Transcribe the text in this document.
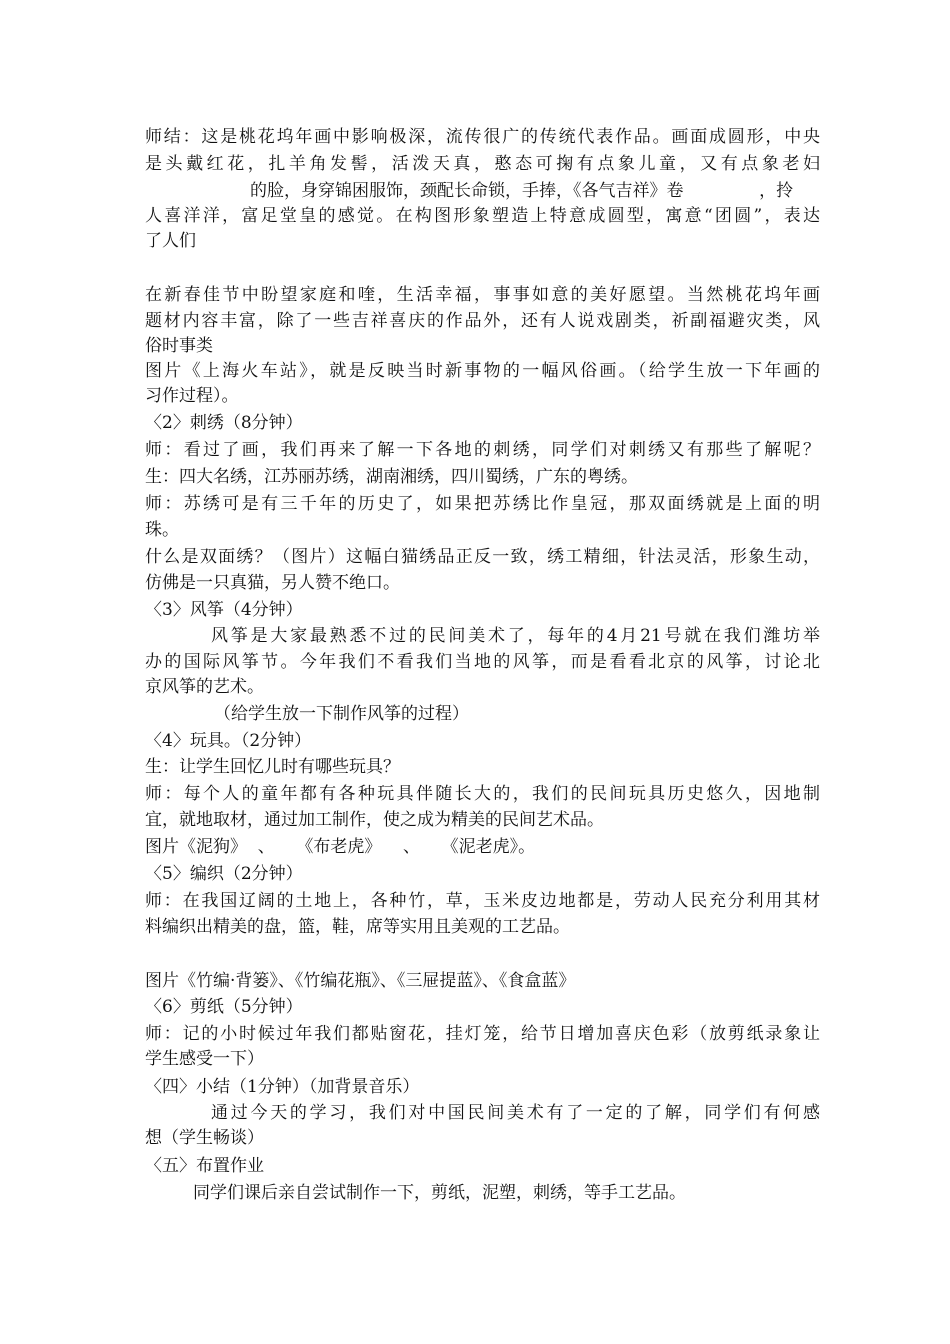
师结：这是桃花坞年画中影响极深，流传很广的传统代表作品。画面成圆形，中央
是头戴红花，扎羊角发髻，活泼天真，憨态可掬有点象儿童，又有点象老妇
的脸，身穿锦困服饰，颈配长命锁，手捧，《各气吉祥》卷              ，拎
人喜洋洋，富足堂皇的感觉。在构图形象塑造上特意成圆型，寓意“团圆”，表达
了人们
在新春佳节中盼望家庭和喹，生活幸福，事事如意的美好愿望。当然桃花坞年画
题材内容丰富，除了一些吉祥喜庆的作品外，还有人说戏剧类，祈副福避灾类，风
俗时事类
图片《上海火车站》，就是反映当时新事物的一幅风俗画。（给学生放一下年画的
习作过程）。
〈2〉刺绣（8分钟）
师：看过了画，我们再来了解一下各地的刺绣，同学们对刺绣又有那些了解呢？
生：四大名绣，江苏丽苏绣，湖南湘绣，四川蜀绣，广东的粤绣。
师：苏绣可是有三千年的历史了，如果把苏绣比作皇冠，那双面绣就是上面的明
珠。
什么是双面绣？（图片）这幅白猫绣品正反一致，绣工精细，针法灵活，形象生动，
仿佛是一只真猫，另人赞不绝口。
〈3〉风筝（4分钟）
风筝是大家最熟悉不过的民间美术了，每年的4月21号就在我们潍坊举
办的国际风筝节。今年我们不看我们当地的风筝，而是看看北京的风筝，讨论北
京风筝的艺术。
（给学生放一下制作风筝的过程）
〈4〉玩具。（2分钟）
生：让学生回忆儿时有哪些玩具？
师：每个人的童年都有各种玩具伴随长大的，我们的民间玩具历史悠久，因地制
宜，就地取材，通过加工制作，使之成为精美的民间艺术品。
图片《泥狗》  、    《布老虎》    、    《泥老虎》。
〈5〉编织（2分钟）
师：在我国辽阔的土地上，各种竹，草，玉米皮边地都是，劳动人民充分利用其材
料编织出精美的盘，篮，鞋，席等实用且美观的工艺品。
图片《竹编·背篓》、《竹编花瓶》、《三屉提蓝》、《食盒蓝》
〈6〉剪纸（5分钟）
师：记的小时候过年我们都贴窗花，挂灯笼，给节日增加喜庆色彩（放剪纸录象让
学生感受一下）
〈四〉小结（1分钟）（加背景音乐）
通过今天的学习，我们对中国民间美术有了一定的了解，同学们有何感
想（学生畅谈）
〈五〉布置作业
同学们课后亲自尝试制作一下，剪纸，泥塑，刺绣，等手工艺品。
